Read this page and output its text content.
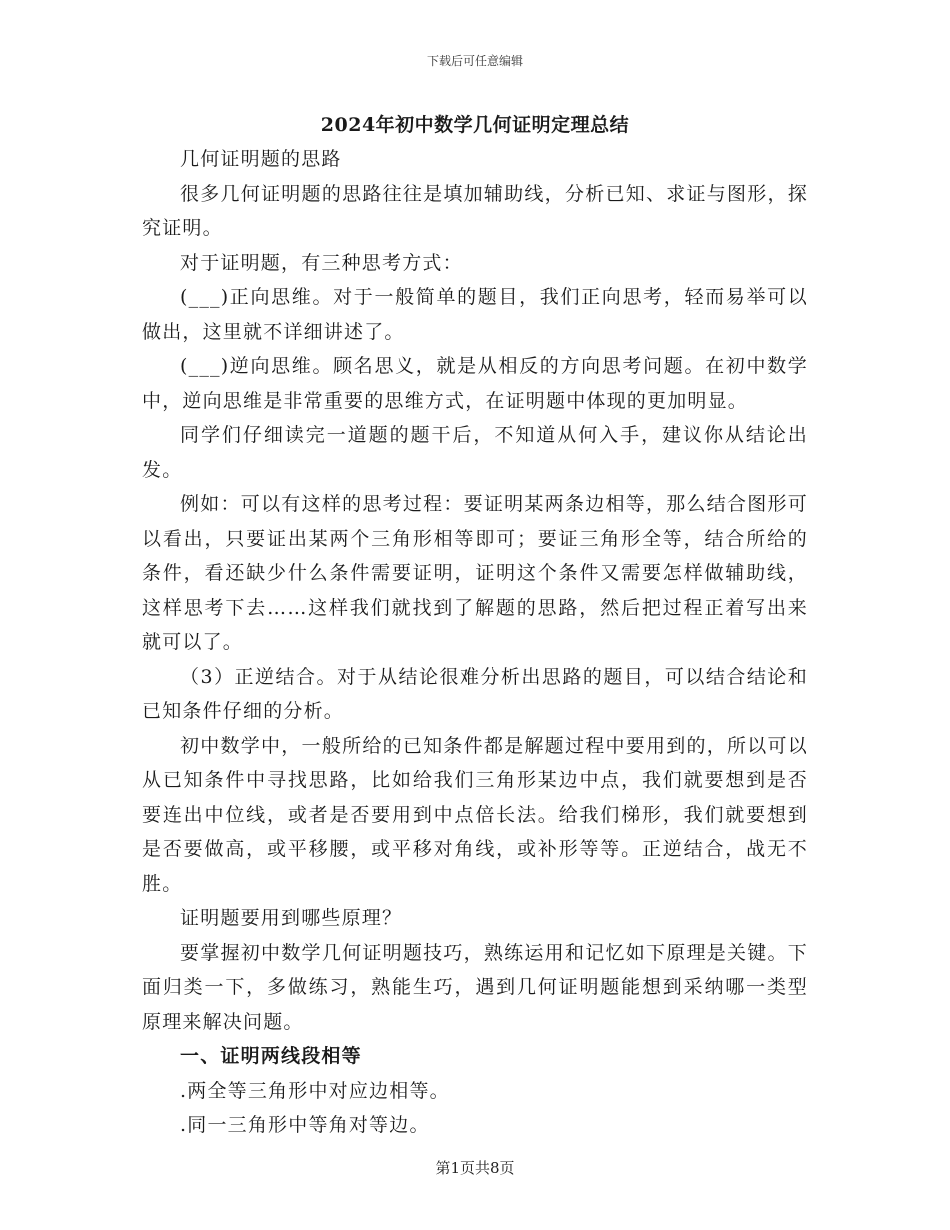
下载后可任意编辑
2024年初中数学几何证明定理总结

几何证明题的思路

很多几何证明题的思路往往是填加辅助线，分析已知、求证与图形，探究证明。

对于证明题，有三种思考方式：

(___)正向思维。对于一般简单的题目，我们正向思考，轻而易举可以做出，这里就不详细讲述了。

(___)逆向思维。顾名思义，就是从相反的方向思考问题。在初中数学中，逆向思维是非常重要的思维方式，在证明题中体现的更加明显。

同学们仔细读完一道题的题干后，不知道从何入手，建议你从结论出发。

例如：可以有这样的思考过程：要证明某两条边相等，那么结合图形可以看出，只要证出某两个三角形相等即可；要证三角形全等，结合所给的条件，看还缺少什么条件需要证明，证明这个条件又需要怎样做辅助线，这样思考下去……这样我们就找到了解题的思路，然后把过程正着写出来就可以了。

（3）正逆结合。对于从结论很难分析出思路的题目，可以结合结论和已知条件仔细的分析。

初中数学中，一般所给的已知条件都是解题过程中要用到的，所以可以从已知条件中寻找思路，比如给我们三角形某边中点，我们就要想到是否要连出中位线，或者是否要用到中点倍长法。给我们梯形，我们就要想到是否要做高，或平移腰，或平移对角线，或补形等等。正逆结合，战无不胜。

证明题要用到哪些原理？

要掌握初中数学几何证明题技巧，熟练运用和记忆如下原理是关键。下面归类一下，多做练习，熟能生巧，遇到几何证明题能想到采纳哪一类型原理来解决问题。

一、证明两线段相等

.两全等三角形中对应边相等。

.同一三角形中等角对等边。

第1页共8页
